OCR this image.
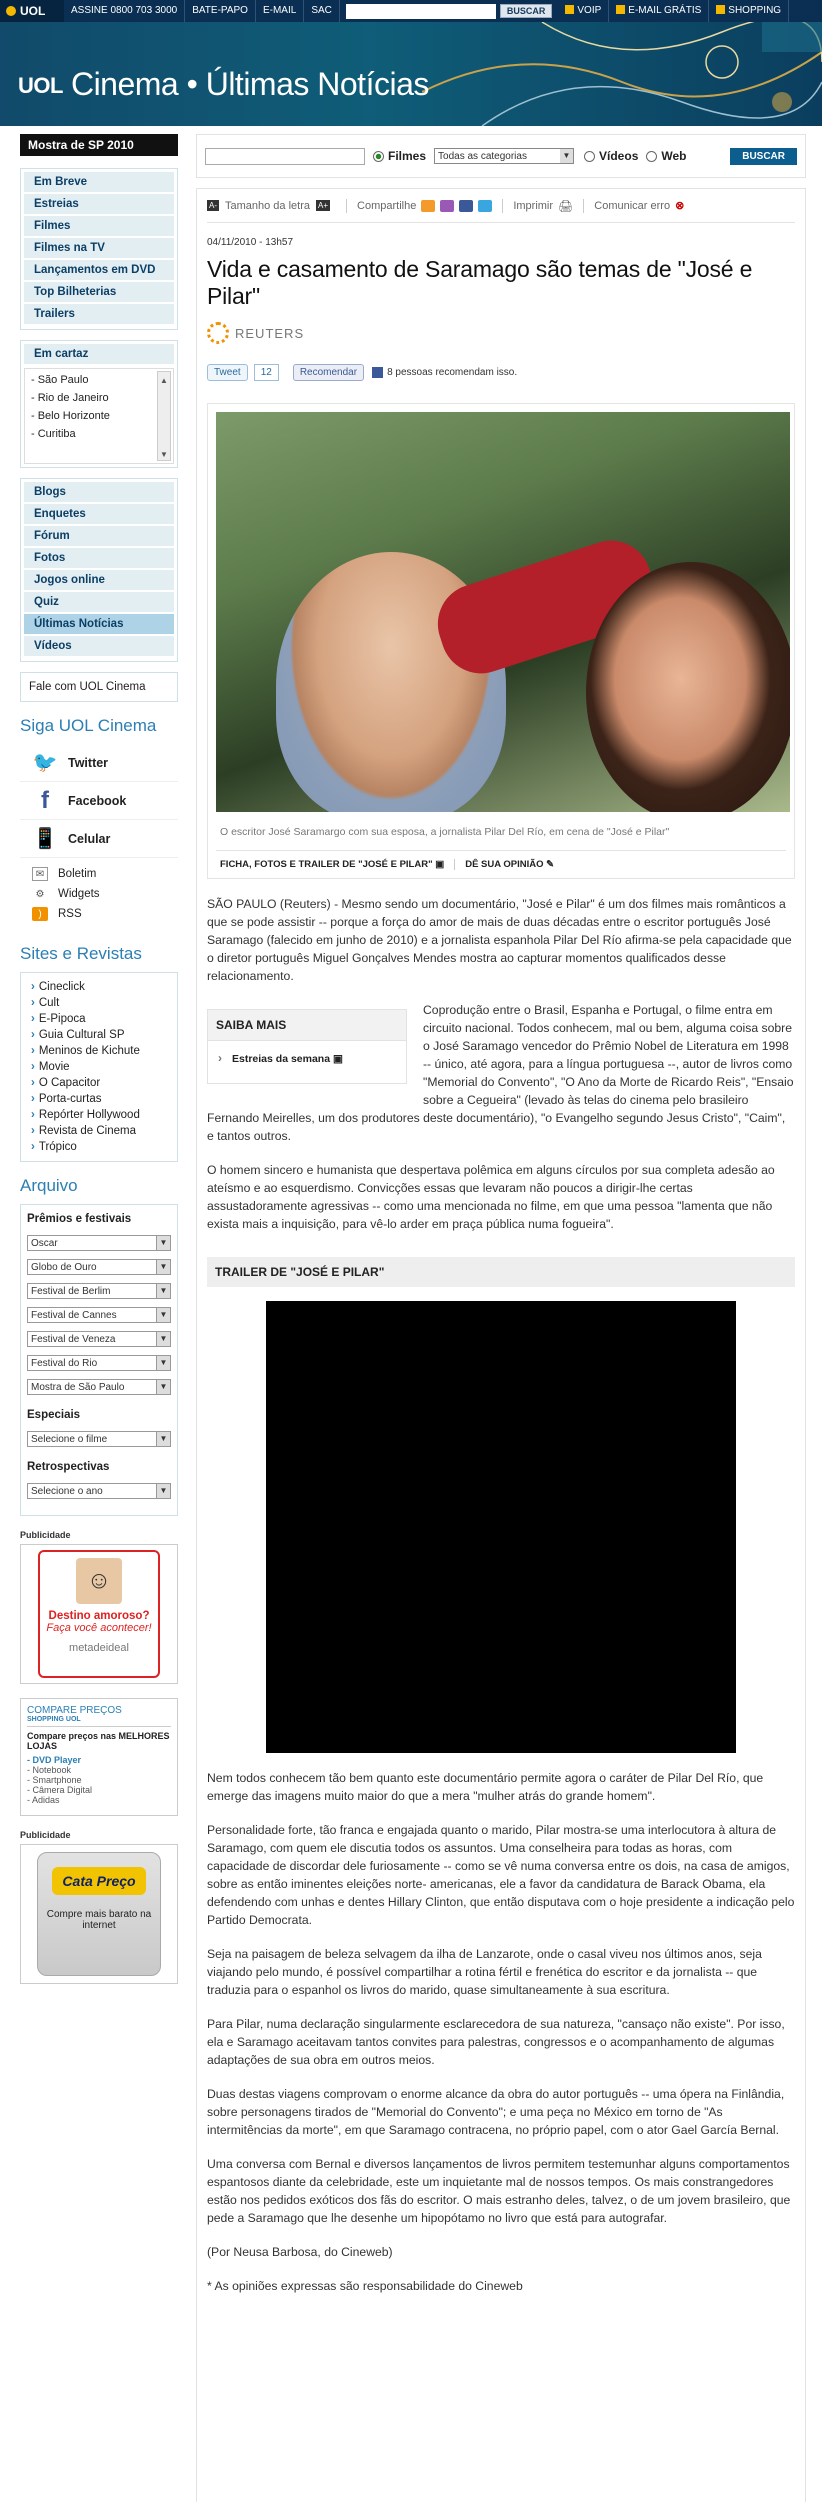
UOL	ASSINE 0800 703 3000	BATE-PAPO	E-MAIL	SAC	BUSCAR	VOIP	E-MAIL GRÁTIS	SHOPPING
UOL Cinema • Últimas Notícias
Mostra de SP 2010
Em Breve
Estreias
Filmes
Filmes na TV
Lançamentos em DVD
Top Bilheterias
Trailers
Em cartaz
- São Paulo
- Rio de Janeiro
- Belo Horizonte
- Curitiba
▲
▼
Blogs
Enquetes
Fórum
Fotos
Jogos online
Quiz
Últimas Notícias
Vídeos
Fale com UOL Cinema
Siga UOL Cinema
🐦 Twitter
f	Facebook
📱 Celular
✉	Boletim
⚙	Widgets
)	RSS
Sites e Revistas
› Cineclick
› Cult
› E-Pipoca
› Guia Cultural SP
› Meninos de Kichute
› Movie
› O Capacitor
› Porta-curtas
› Repórter Hollywood
› Revista de Cinema
› Trópico
Arquivo
Prêmios e festivais
Oscar	▼
Globo de Ouro	▼
Festival de Berlim	▼
Festival de Cannes	▼
Festival de Veneza	▼
Festival do Rio	▼
Mostra de São Paulo	▼
Especiais
Selecione o filme	▼
Retrospectivas
Selecione o ano	▼
Publicidade
☺
Destino amoroso?
Faça você acontecer!
metadeideal
COMPARE PREÇOS
SHOPPING UOL
Compare preços nas MELHORES LOJAS
- DVD Player
- Notebook
- Smartphone
- Câmera Digital
- Adidas
Publicidade
Cata Preço
Compre mais barato na internet
Filmes Todas as categorias	▼ Vídeos Web	BUSCAR
A- Tamanho da letra A+	Compartilhe	Imprimir 🖨 Comunicar erro ⊗
04/11/2010 - 13h57
Vida e casamento de Saramago são temas de "José e Pilar"
REUTERS
Tweet	12	Recomendar	8 pessoas recomendam isso.
O escritor José Saramargo com sua esposa, a jornalista Pilar Del Río, em cena de "José e Pilar"
FICHA, FOTOS E TRAILER DE "JOSÉ E PILAR" ▣	DÊ SUA OPINIÃO ✎

SÃO PAULO (Reuters) - Mesmo sendo um documentário, "José e Pilar" é um dos filmes mais românticos a que se pode assistir -- porque a força do amor de mais de duas décadas entre o escritor português José Saramago (falecido em junho de 2010) e a jornalista espanhola Pilar Del Río afirma-se pela capacidade que o diretor português Miguel Gonçalves Mendes mostra ao capturar momentos qualificados desse relacionamento.

SAIBA MAIS
› Estreias da semana ▣

Coprodução entre o Brasil, Espanha e Portugal, o filme entra em circuito nacional. Todos conhecem, mal ou bem, alguma coisa sobre o José Saramago vencedor do Prêmio Nobel de Literatura em 1998 -- único, até agora, para a língua portuguesa --, autor de livros como "Memorial do Convento", "O Ano da Morte de Ricardo Reis", "Ensaio sobre a Cegueira" (levado às telas do cinema pelo brasileiro Fernando Meirelles, um dos produtores deste documentário), "o Evangelho segundo Jesus Cristo", "Caim", e tantos outros.

O homem sincero e humanista que despertava polêmica em alguns círculos por sua completa adesão ao ateísmo e ao esquerdismo. Convicções essas que levaram não poucos a dirigir-lhe certas assustadoramente agressivas -- como uma mencionada no filme, em que uma pessoa "lamenta que não exista mais a inquisição, para vê-lo arder em praça pública numa fogueira".

TRAILER DE "JOSÉ E PILAR"

Nem todos conhecem tão bem quanto este documentário permite agora o caráter de Pilar Del Río, que emerge das imagens muito maior do que a mera "mulher atrás do grande homem".

Personalidade forte, tão franca e engajada quanto o marido, Pilar mostra-se uma interlocutora à altura de Saramago, com quem ele discutia todos os assuntos. Uma conselheira para todas as horas, com capacidade de discordar dele furiosamente -- como se vê numa conversa entre os dois, na casa de amigos, sobre as então iminentes eleições norte- americanas, ele a favor da candidatura de Barack Obama, ela defendendo com unhas e dentes Hillary Clinton, que então disputava com o hoje presidente a indicação pelo Partido Democrata.

Seja na paisagem de beleza selvagem da ilha de Lanzarote, onde o casal viveu nos últimos anos, seja viajando pelo mundo, é possível compartilhar a rotina fértil e frenética do escritor e da jornalista -- que traduzia para o espanhol os livros do marido, quase simultaneamente à sua escritura.

Para Pilar, numa declaração singularmente esclarecedora de sua natureza, "cansaço não existe". Por isso, ela e Saramago aceitavam tantos convites para palestras, congressos e o acompanhamento de algumas adaptações de sua obra em outros meios.

Duas destas viagens comprovam o enorme alcance da obra do autor português -- uma ópera na Finlândia, sobre personagens tirados de "Memorial do Convento"; e uma peça no México em torno de "As intermitências da morte", em que Saramago contracena, no próprio papel, com o ator Gael García Bernal.

Uma conversa com Bernal e diversos lançamentos de livros permitem testemunhar alguns comportamentos espantosos diante da celebridade, este um inquietante mal de nossos tempos. Os mais constrangedores estão nos pedidos exóticos dos fãs do escritor. O mais estranho deles, talvez, o de um jovem brasileiro, que pede a Saramago que lhe desenhe um hipopótamo no livro que está para autografar.

(Por Neusa Barbosa, do Cineweb)

* As opiniões expressas são responsabilidade do Cineweb
